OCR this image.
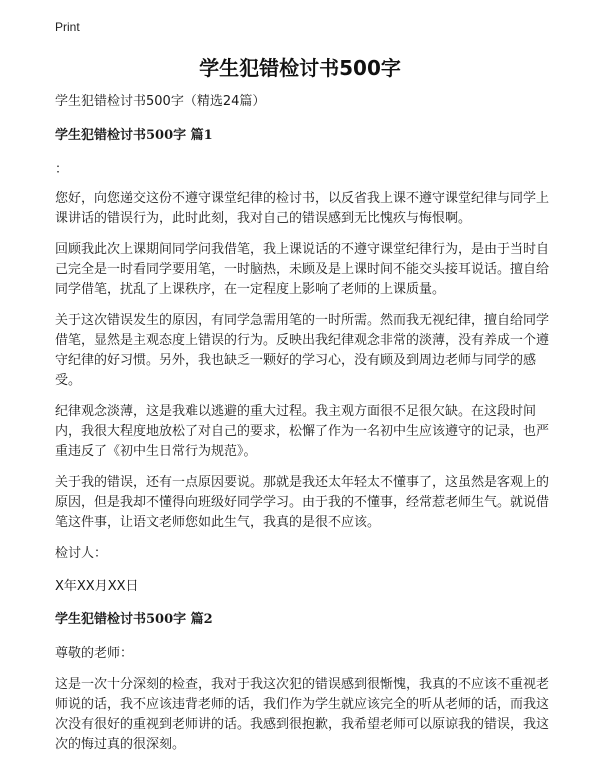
Print
学生犯错检讨书500字

学生犯错检讨书500字（精选24篇）

学生犯错检讨书500字 篇1

：

您好，向您递交这份不遵守课堂纪律的检讨书，以反省我上课不遵守课堂纪律与同学上课讲话的错误行为，此时此刻，我对自己的错误感到无比愧疚与悔恨啊。

回顾我此次上课期间同学问我借笔，我上课说话的不遵守课堂纪律行为，是由于当时自己完全是一时看同学要用笔，一时脑热，未顾及是上课时间不能交头接耳说话。擅自给同学借笔，扰乱了上课秩序，在一定程度上影响了老师的上课质量。

关于这次错误发生的原因，有同学急需用笔的一时所需。然而我无视纪律，擅自给同学借笔，显然是主观态度上错误的行为。反映出我纪律观念非常的淡薄，没有养成一个遵守纪律的好习惯。另外，我也缺乏一颗好的学习心，没有顾及到周边老师与同学的感受。

纪律观念淡薄，这是我难以逃避的重大过程。我主观方面很不足很欠缺。在这段时间内，我很大程度地放松了对自己的要求，松懈了作为一名初中生应该遵守的记录，也严重违反了《初中生日常行为规范》。

关于我的错误，还有一点原因要说。那就是我还太年轻太不懂事了，这虽然是客观上的原因，但是我却不懂得向班级好同学学习。由于我的不懂事，经常惹老师生气。就说借笔这件事，让语文老师您如此生气，我真的是很不应该。

检讨人：

X年XX月XX日

学生犯错检讨书500字 篇2

尊敬的老师：

这是一次十分深刻的检查，我对于我这次犯的错误感到很惭愧，我真的不应该不重视老师说的话，我不应该违背老师的话，我们作为学生就应该完全的听从老师的话，而我这次没有很好的重视到老师讲的话。我感到很抱歉，我希望老师可以原谅我的错误，我这次的悔过真的很深刻。
